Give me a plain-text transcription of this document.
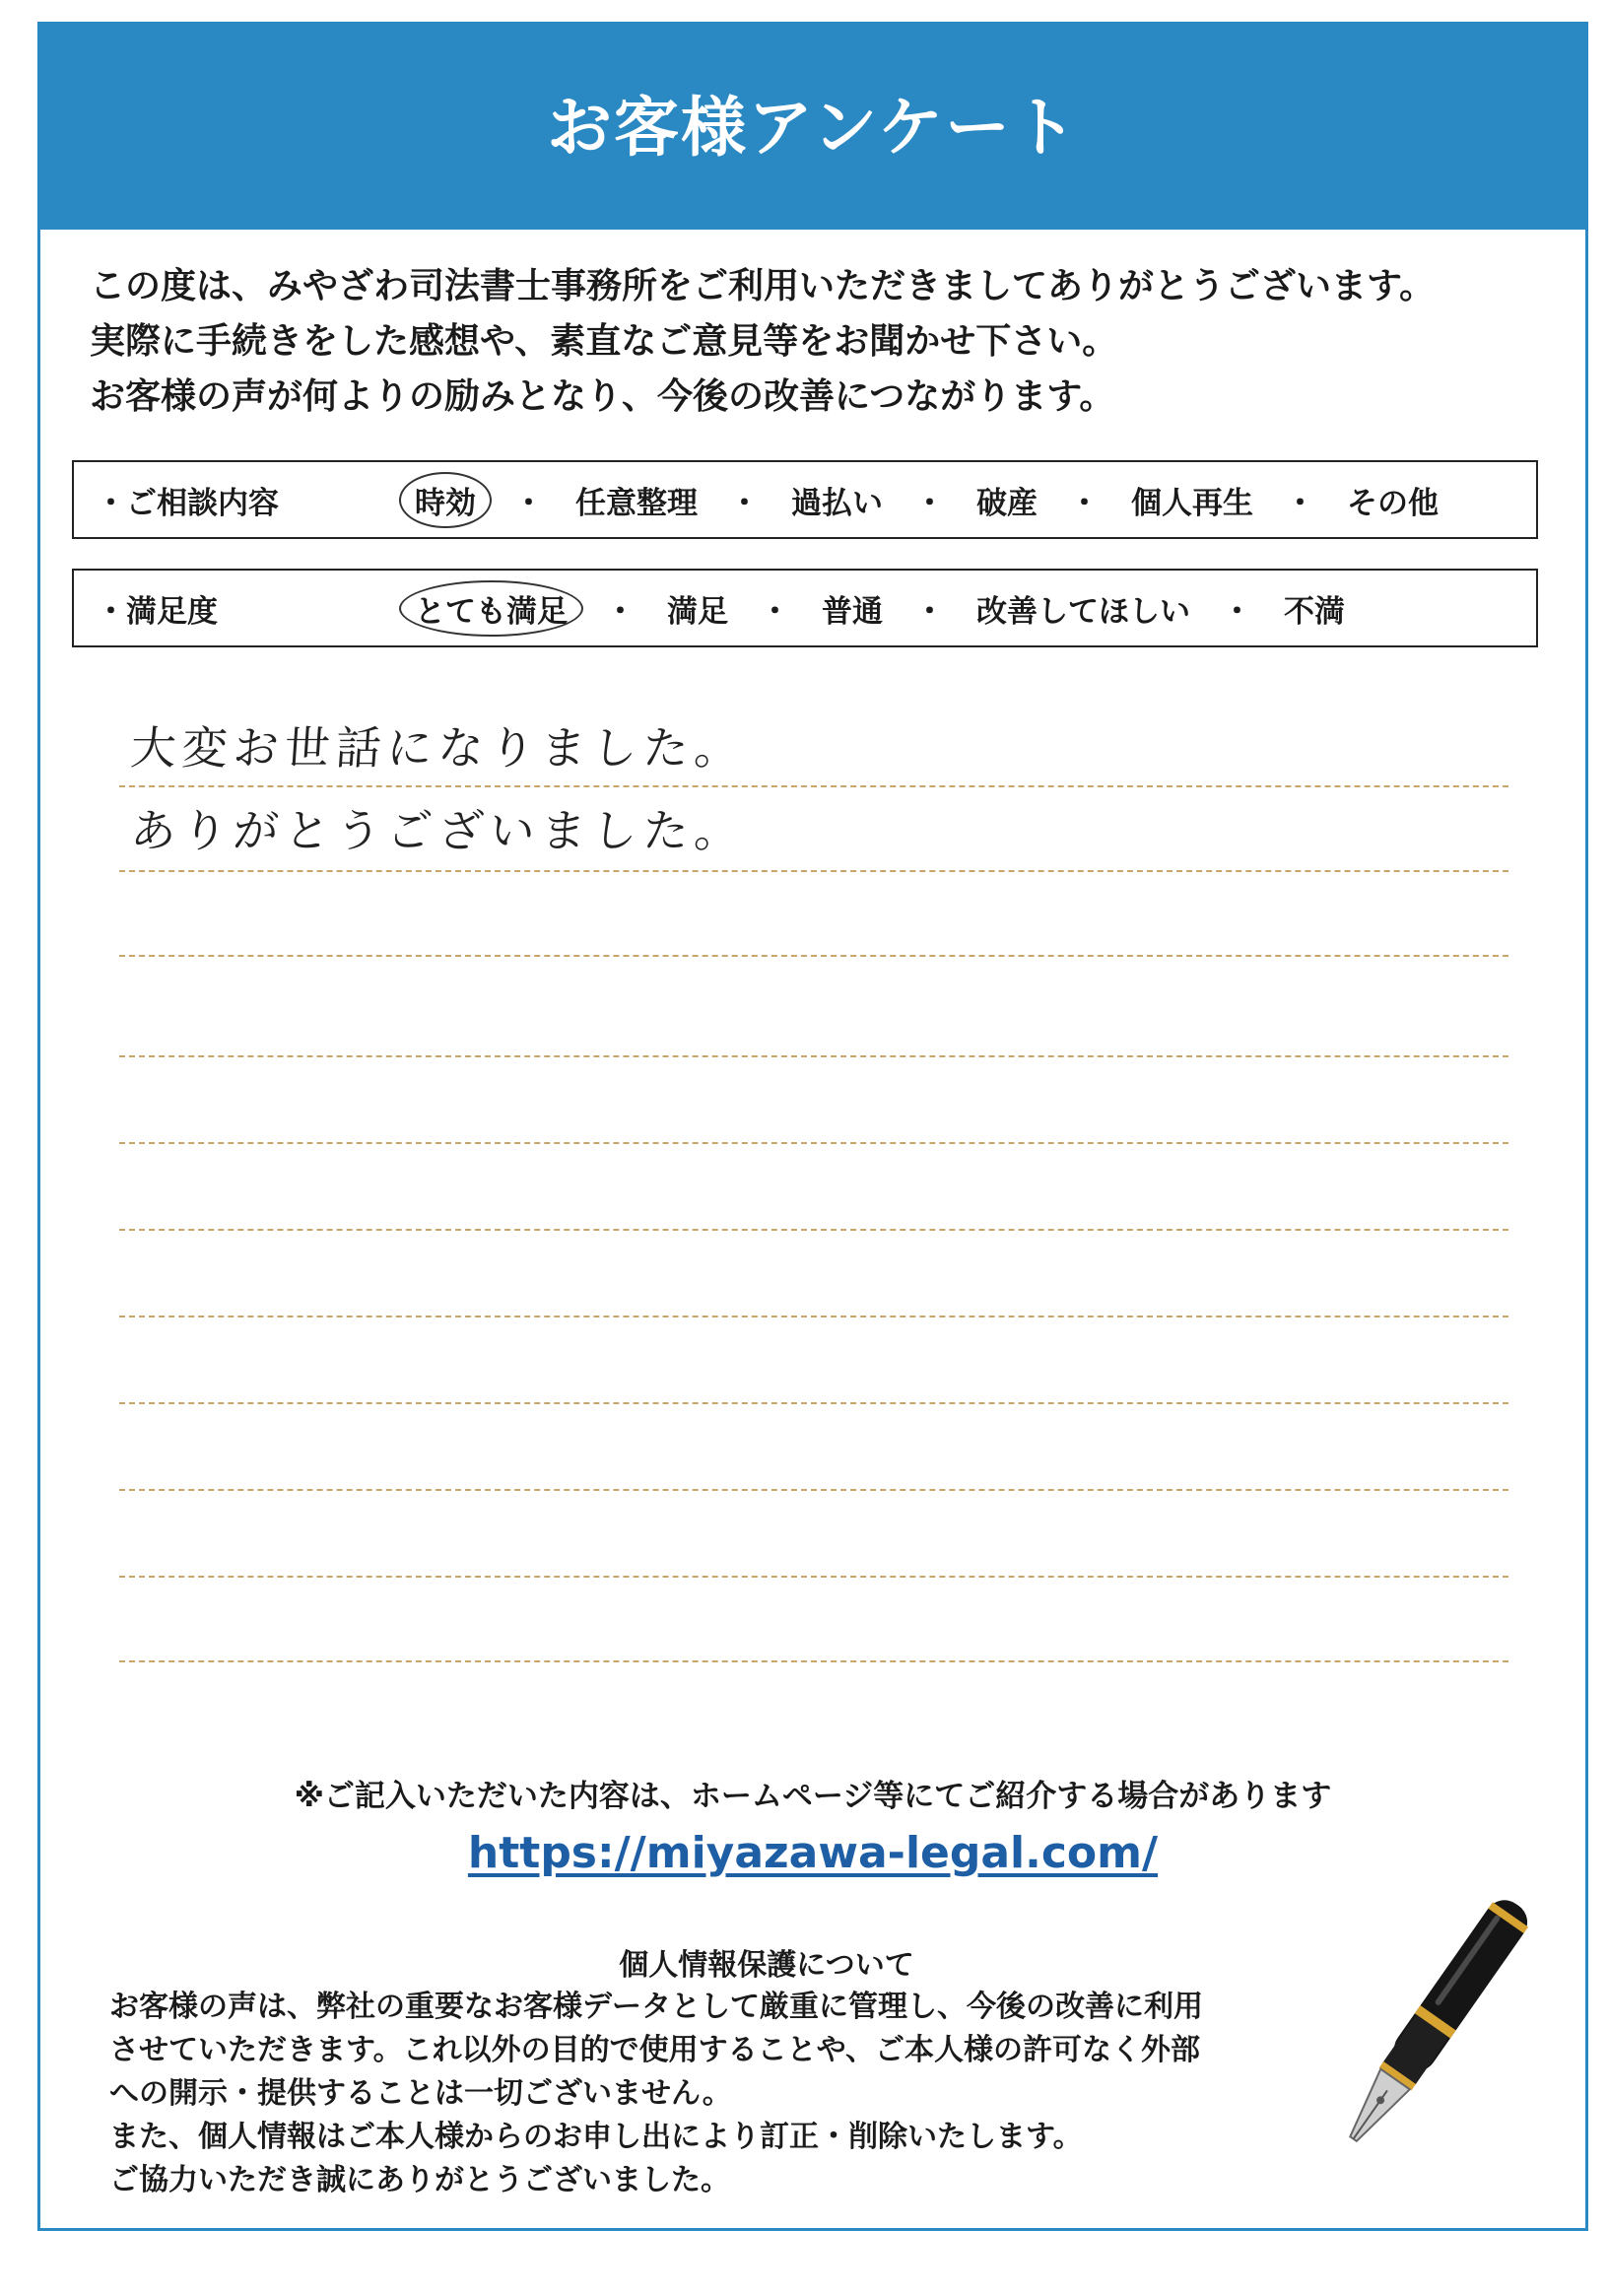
お客様アンケート
この度は、みやざわ司法書士事務所をご利用いただきましてありがとうございます。
実際に手続きをした感想や、素直なご意見等をお聞かせ下さい。
お客様の声が何よりの励みとなり、今後の改善につながります。
・ご相談内容	時効	・	任意整理	・	過払い	・	破産	・	個人再生	・	その他
・満足度	とても満足	・	満足	・	普通	・	改善してほしい	・	不満
大変お世話になりました。
ありがとうございました。
※ご記入いただいた内容は、ホームページ等にてご紹介する場合があります
https://miyazawa-legal.com/
個人情報保護について
お客様の声は、弊社の重要なお客様データとして厳重に管理し、今後の改善に利用
させていただきます。これ以外の目的で使用することや、ご本人様の許可なく外部
への開示・提供することは一切ございません。
また、個人情報はご本人様からのお申し出により訂正・削除いたします。
ご協力いただき誠にありがとうございました。
